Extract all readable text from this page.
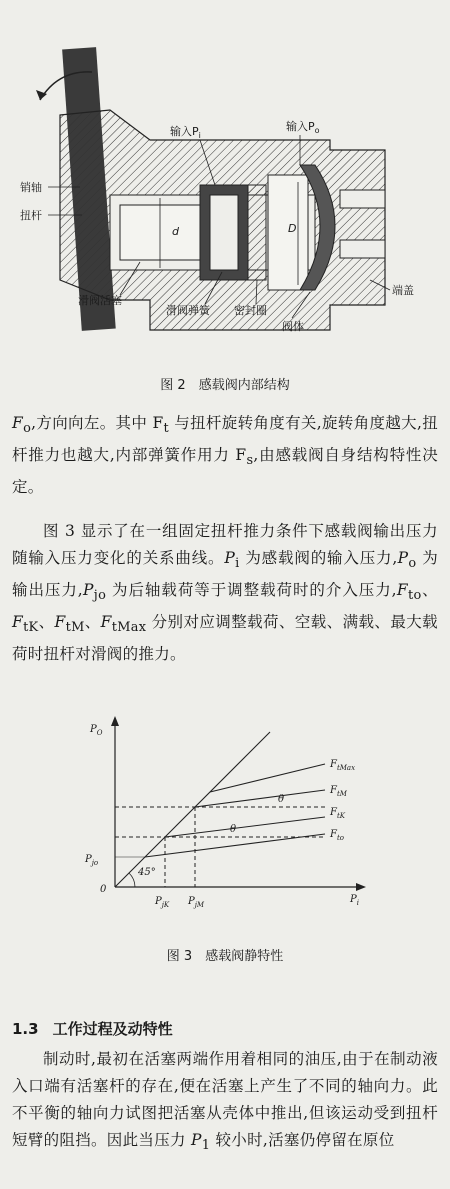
d	D
输入$P_i$
输入$P_o$
销轴
扭杆
滑阀活塞
滑阀弹簧 密封圈
阀体
端盖
图 2　感载阀内部结构
$F_o$,方向向左。其中 $F_t$ 与扭杆旋转角度有关,旋转角度越大,扭杆推力也越大,内部弹簧作用力 $F_s$,由感载阀自身结构特性决定。
图 3 显示了在一组固定扭杆推力条件下感载阀输出压力随输入压力变化的关系曲线。$P_i$ 为感载阀的输入压力$,P_o$ 为输出压力$,P_{jo}$ 为后轴载荷等于调整载荷时的介入压力$,F_{to}$、$F_{tK}$、$F_{tM}$、$F_{tMax}$ 分别对应调整载荷、空载、满载、最大载荷时扭杆对滑阀的推力。
$P_O$
$P_i$
0
$F_{tMax}$
$F_{tM}$
$F_{tK}$
$F_{to}$
θ
θ
45°
$P_{jo}$
$P_{jK}$ $P_{jM}$
图 3　感载阀静特性
1.3 工作过程及动特性
制动时,最初在活塞两端作用着相同的油压,由于在制动液入口端有活塞杆的存在,便在活塞上产生了不同的轴向力。此不平衡的轴向力试图把活塞从壳体中推出,但该运动受到扭杆短臂的阻挡。因此当压力 $P_1$ 较小时,活塞仍停留在原位
